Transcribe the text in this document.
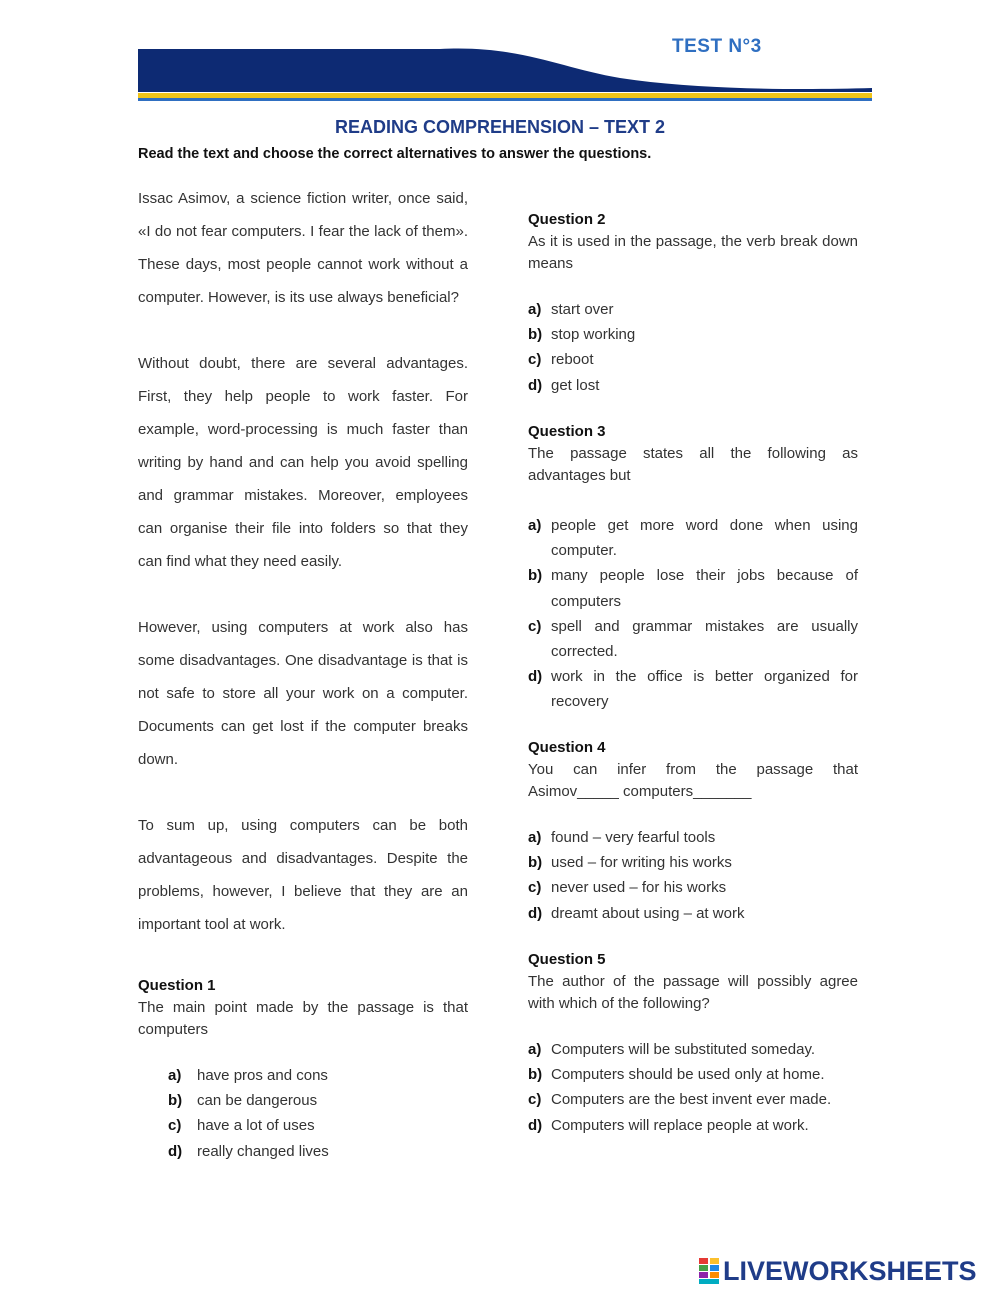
TEST N°3
READING COMPREHENSION – TEXT 2
Read the text and choose the correct alternatives to answer the questions.

Issac Asimov, a science fiction writer, once said, «I do not fear computers. I fear the lack of them». These days, most people cannot work without a computer. However, is its use always beneficial?

Without doubt, there are several advantages. First, they help people to work faster. For example, word-processing is much faster than writing by hand and can help you avoid spelling and grammar mistakes. Moreover, employees can organise their file into folders so that they can find what they need easily.

However, using computers at work also has some disadvantages. One disadvantage is that is not safe to store all your work on a computer. Documents can get lost if the computer breaks down.

To sum up, using computers can be both advantageous and disadvantages. Despite the problems, however, I believe that they are an important tool at work.

Question 1
The main point made by the passage is that computers
a) have pros and cons
b) can be dangerous
c) have a lot of uses
d) really changed lives
Question 2
As it is used in the passage, the verb break down means
a) start over
b) stop working
c) reboot
d) get lost
Question 3
The passage states all the following as advantages but
a) people get more word done when using computer.
b) many people lose their jobs because of computers
c) spell and grammar mistakes are usually corrected.
d) work in the office is better organized for recovery
Question 4
You can infer from the passage that Asimov_____ computers_______
a) found – very fearful tools
b) used – for writing his works
c) never used – for his works
d) dreamt about using – at work
Question 5
The author of the passage will possibly agree with which of the following?
a) Computers will be substituted someday.
b) Computers should be used only at home.
c) Computers are the best invent ever made.
d) Computers will replace people at work.
LIVEWORKSHEETS
